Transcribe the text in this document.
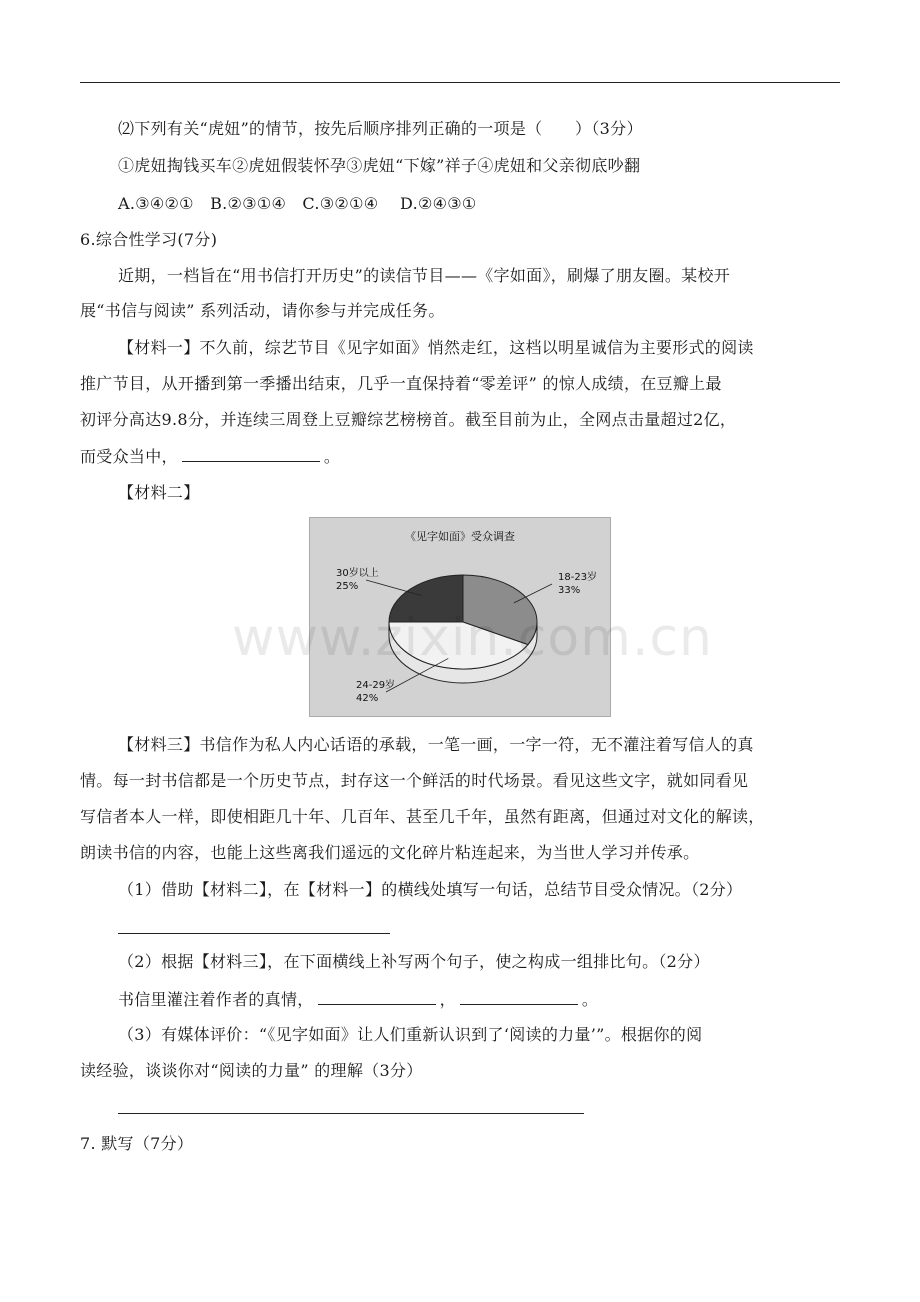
⑵下列有关“虎妞”的情节，按先后顺序排列正确的一项是（　　）（3分）
①虎妞掏钱买车②虎妞假装怀孕③虎妞“下嫁”祥子④虎妞和父亲彻底吵翻
A.③④②①　B.②③①④　C.③②①④　 D.②④③①
6.综合性学习(7分)
近期，一档旨在“用书信打开历史”的读信节目——《字如面》，刷爆了朋友圈。某校开
展“书信与阅读” 系列活动，请你参与并完成任务。
【材料一】不久前，综艺节目《见字如面》悄然走红，这档以明星诚信为主要形式的阅读
推广节目，从开播到第一季播出结束，几乎一直保持着“零差评” 的惊人成绩，在豆瓣上最
初评分高达9.8分，并连续三周登上豆瓣综艺榜榜首。截至目前为止，全网点击量超过2亿，
而受众当中，	。
【材料二】
《见字如面》受众调查
18-23岁
33%
24-29岁
42%
30岁以上
25%
www.zixin.com.cn
【材料三】书信作为私人内心话语的承载，一笔一画，一字一符，无不灌注着写信人的真
情。每一封书信都是一个历史节点，封存这一个鲜活的时代场景。看见这些文字，就如同看见
写信者本人一样，即使相距几十年、几百年、甚至几千年，虽然有距离，但通过对文化的解读，
朗读书信的内容，也能上这些离我们遥远的文化碎片粘连起来，为当世人学习并传承。
（1）借助【材料二】，在【材料一】的横线处填写一句话，总结节目受众情况。（2分）
（2）根据【材料三】，在下面横线上补写两个句子，使之构成一组排比句。（2分）
书信里灌注着作者的真情，	，	。
（3）有媒体评价：“《见字如面》让人们重新认识到了‘阅读的力量’”。根据你的阅
读经验，谈谈你对“阅读的力量” 的理解（3分）
7. 默写（7分）
